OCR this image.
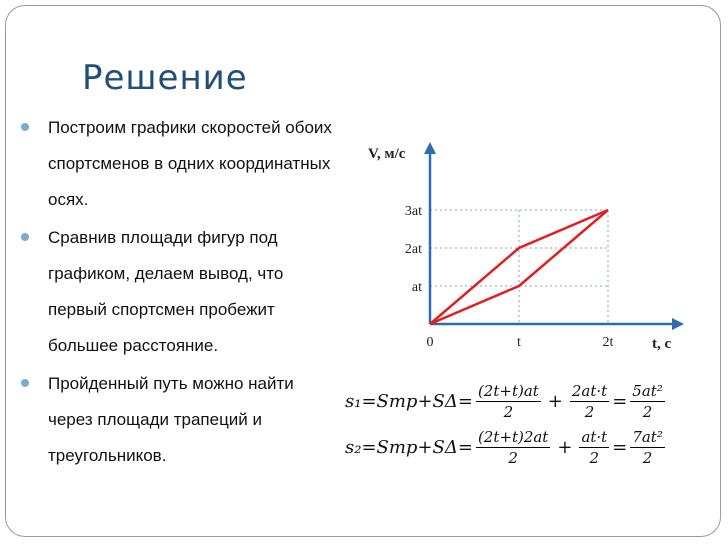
Решение
Построим графики скоростей обоих спортсменов в одних координатных осях.
Сравнив площади фигур под графиком, делаем вывод, что первый спортсмен пробежит большее расстояние.
Пройденный путь можно найти через площади трапеций и треугольников.
V, м/с
t, с
0	t	2t
at
2at
3at
$s_1=Sтр+S\Delta= \frac{(2t+t)at}{2} + \frac{2at\cdot t}{2} = \frac{\text{5at²}}{2}$
$s_2=Sтр+S\Delta= \frac{(2t+t)2at}{2} + \frac{at\cdot t}{2} = \frac{\text{7at²}}{2}$
